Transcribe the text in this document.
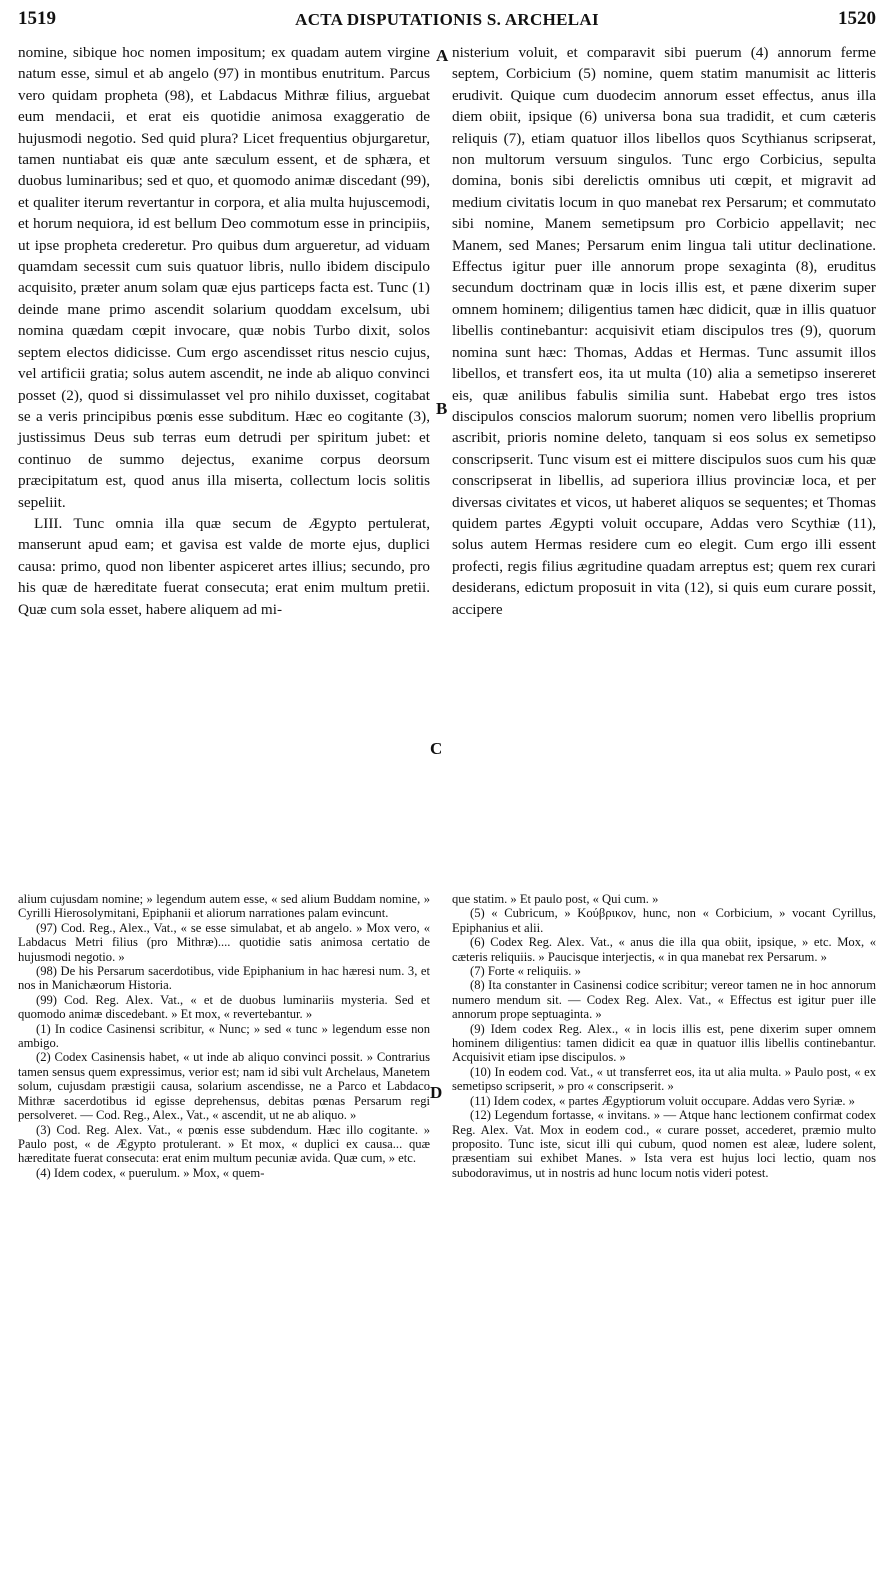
1519	ACTA DISPUTATIONIS S. ARCHELAI	1520
A
B
C
D

nomine, sibique hoc nomen impositum; ex quadam autem virgine natum esse, simul et ab angelo (97) in montibus enutritum. Parcus vero quidam propheta (98), et Labdacus Mithræ filius, arguebat eum mendacii, et erat eis quotidie animosa exaggeratio de hujusmodi negotio. Sed quid plura? Licet frequentius objurgaretur, tamen nuntiabat eis quæ ante sæculum essent, et de sphæra, et duobus luminaribus; sed et quo, et quomodo animæ discedant (99), et qualiter iterum revertantur in corpora, et alia multa hujuscemodi, et horum nequiora, id est bellum Deo commotum esse in principiis, ut ipse propheta crederetur. Pro quibus dum argueretur, ad viduam quamdam secessit cum suis quatuor libris, nullo ibidem discipulo acquisito, præter anum solam quæ ejus particeps facta est. Tunc (1) deinde mane primo ascendit solarium quoddam excelsum, ubi nomina quædam cœpit invocare, quæ nobis Turbo dixit, solos septem electos didicisse. Cum ergo ascendisset ritus nescio cujus, vel artificii gratia; solus autem ascendit, ne inde ab aliquo convinci posset (2), quod si dissimulasset vel pro nihilo duxisset, cogitabat se a veris principibus pœnis esse subditum. Hæc eo cogitante (3), justissimus Deus sub terras eum detrudi per spiritum jubet: et continuo de summo dejectus, exanime corpus deorsum præcipitatum est, quod anus illa miserta, collectum locis solitis sepeliit.

LIII. Tunc omnia illa quæ secum de Ægypto pertulerat, manserunt apud eam; et gavisa est valde de morte ejus, duplici causa: primo, quod non libenter aspiceret artes illius; secundo, pro his quæ de hæreditate fuerat consecuta; erat enim multum pretii. Quæ cum sola esset, habere aliquem ad mi-

nisterium voluit, et comparavit sibi puerum (4) annorum ferme septem, Corbicium (5) nomine, quem statim manumisit ac litteris erudivit. Quique cum duodecim annorum esset effectus, anus illa diem obiit, ipsique (6) universa bona sua tradidit, et cum cæteris reliquis (7), etiam quatuor illos libellos quos Scythianus scripserat, non multorum versuum singulos. Tunc ergo Corbicius, sepulta domina, bonis sibi derelictis omnibus uti cœpit, et migravit ad medium civitatis locum in quo manebat rex Persarum; et commutato sibi nomine, Manem semetipsum pro Corbicio appellavit; nec Manem, sed Manes; Persarum enim lingua tali utitur declinatione. Effectus igitur puer ille annorum prope sexaginta (8), eruditus secundum doctrinam quæ in locis illis est, et pæne dixerim super omnem hominem; diligentius tamen hæc didicit, quæ in illis quatuor libellis continebantur: acquisivit etiam discipulos tres (9), quorum nomina sunt hæc: Thomas, Addas et Hermas. Tunc assumit illos libellos, et transfert eos, ita ut multa (10) alia a semetipso insereret eis, quæ anilibus fabulis similia sunt. Habebat ergo tres istos discipulos conscios malorum suorum; nomen vero libellis proprium ascribit, prioris nomine deleto, tanquam si eos solus ex semetipso conscripserit. Tunc visum est ei mittere discipulos suos cum his quæ conscripserat in libellis, ad superiora illius provinciæ loca, et per diversas civitates et vicos, ut haberet aliquos se sequentes; et Thomas quidem partes Ægypti voluit occupare, Addas vero Scythiæ (11), solus autem Hermas residere cum eo elegit. Cum ergo illi essent profecti, regis filius ægritudine quadam arreptus est; quem rex curari desiderans, edictum proposuit in vita (12), si quis eum curare possit, accipere

alium cujusdam nomine; » legendum autem esse, « sed alium Buddam nomine, » Cyrilli Hierosolymitani, Epiphanii et aliorum narrationes palam evincunt.

(97) Cod. Reg., Alex., Vat., « se esse simulabat, et ab angelo. » Mox vero, « Labdacus Metri filius (pro Mithræ).... quotidie satis animosa certatio de hujusmodi negotio. »

(98) De his Persarum sacerdotibus, vide Epiphanium in hac hæresi num. 3, et nos in Manichæorum Historia.

(99) Cod. Reg. Alex. Vat., « et de duobus luminariis mysteria. Sed et quomodo animæ discedebant. » Et mox, « revertebantur. »

(1) In codice Casinensi scribitur, « Nunc; » sed « tunc » legendum esse non ambigo.

(2) Codex Casinensis habet, « ut inde ab aliquo convinci possit. » Contrarius tamen sensus quem expressimus, verior est; nam id sibi vult Archelaus, Manetem solum, cujusdam præstigii causa, solarium ascendisse, ne a Parco et Labdaco Mithræ sacerdotibus id egisse deprehensus, debitas pœnas Persarum regi persolveret. — Cod. Reg., Alex., Vat., « ascendit, ut ne ab aliquo. »

(3) Cod. Reg. Alex. Vat., « pœnis esse subdendum. Hæc illo cogitante. » Paulo post, « de Ægypto protulerant. » Et mox, « duplici ex causa... quæ hæreditate fuerat consecuta: erat enim multum pecuniæ avida. Quæ cum, » etc.

(4) Idem codex, « puerulum. » Mox, « quem-

que statim. » Et paulo post, « Qui cum. »

(5) « Cubricum, » Κούβρικον, hunc, non « Corbicium, » vocant Cyrillus, Epiphanius et alii.

(6) Codex Reg. Alex. Vat., « anus die illa qua obiit, ipsique, » etc. Mox, « cæteris reliquiis. » Paucisque interjectis, « in qua manebat rex Persarum. »

(7) Forte « reliquiis. »

(8) Ita constanter in Casinensi codice scribitur; vereor tamen ne in hoc annorum numero mendum sit. — Codex Reg. Alex. Vat., « Effectus est igitur puer ille annorum prope septuaginta. »

(9) Idem codex Reg. Alex., « in locis illis est, pene dixerim super omnem hominem diligentius: tamen didicit ea quæ in quatuor illis libellis continebantur. Acquisivit etiam ipse discipulos. »

(10) In eodem cod. Vat., « ut transferret eos, ita ut alia multa. » Paulo post, « ex semetipso scripserit, » pro « conscripserit. »

(11) Idem codex, « partes Ægyptiorum voluit occupare. Addas vero Syriæ. »

(12) Legendum fortasse, « invitans. » — Atque hanc lectionem confirmat codex Reg. Alex. Vat. Mox in eodem cod., « curare posset, accederet, præmio multo proposito. Tunc iste, sicut illi qui cubum, quod nomen est aleæ, ludere solent, præsentiam sui exhibet Manes. » Ista vera est hujus loci lectio, quam nos subodoravimus, ut in nostris ad hunc locum notis videri potest.
